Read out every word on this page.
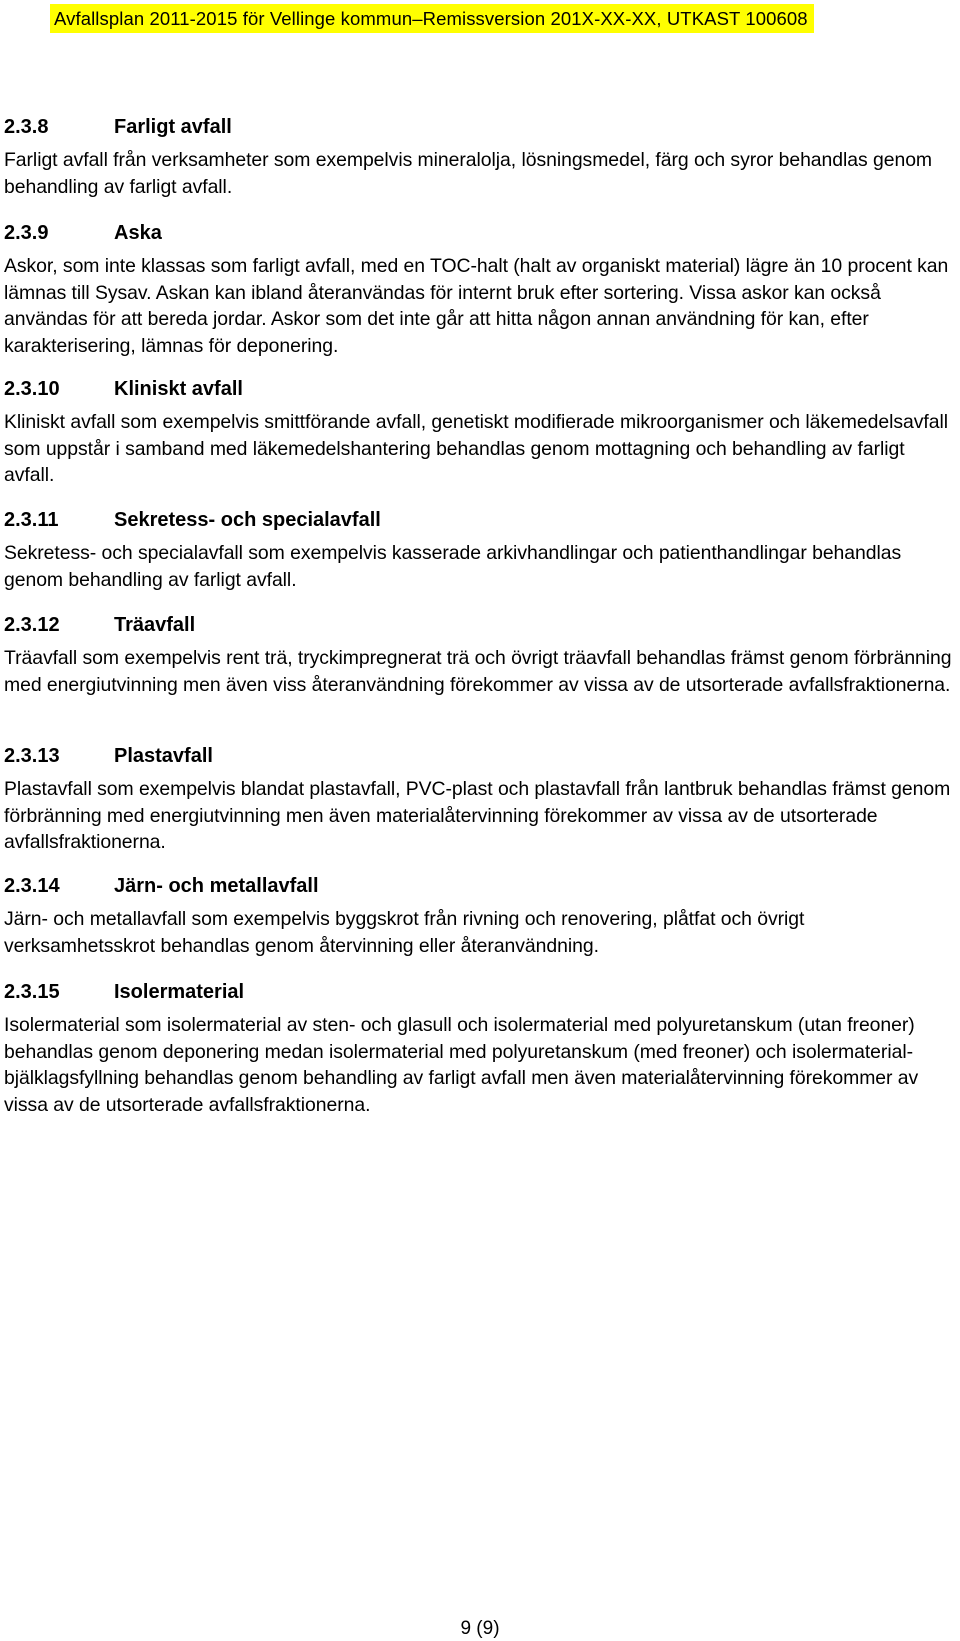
Avfallsplan 2011-2015 för Vellinge kommun – Remissversion 201X-XX-XX, UTKAST 100608
2.3.8	Farligt avfall
Farligt avfall från verksamheter som exempelvis mineralolja, lösningsmedel, färg och syror behandlas genom behandling av farligt avfall.
2.3.9	Aska
Askor, som inte klassas som farligt avfall, med en TOC-halt (halt av organiskt material) lägre än 10 procent kan lämnas till Sysav. Askan kan ibland återanvändas för internt bruk efter sortering. Vissa askor kan också användas för att bereda jordar. Askor som det inte går att hitta någon annan användning för kan, efter karakterisering, lämnas för deponering.
2.3.10	Kliniskt avfall
Kliniskt avfall som exempelvis smittförande avfall, genetiskt modifierade mikroorganismer och läkemedelsavfall som uppstår i samband med läkemedelshantering behandlas genom mottagning och behandling av farligt avfall.
2.3.11	Sekretess- och specialavfall
Sekretess- och specialavfall som exempelvis kasserade arkivhandlingar och patienthandlingar behandlas genom behandling av farligt avfall.
2.3.12	Träavfall
Träavfall som exempelvis rent trä, tryckimpregnerat trä och övrigt träavfall behandlas främst genom förbränning med energiutvinning men även viss återanvändning förekommer av vissa av de utsorterade avfallsfraktionerna.
2.3.13	Plastavfall
Plastavfall som exempelvis blandat plastavfall, PVC-plast och plastavfall från lantbruk behandlas främst genom förbränning med energiutvinning men även materialåtervinning förekommer av vissa av de utsorterade avfallsfraktionerna.
2.3.14	Järn- och metallavfall
Järn- och metallavfall som exempelvis byggskrot från rivning och renovering, plåtfat och övrigt verksamhetsskrot behandlas genom återvinning eller återanvändning.
2.3.15	Isolermaterial
Isolermaterial som isolermaterial av sten- och glasull och isolermaterial med polyuretanskum (utan freoner) behandlas genom deponering medan isolermaterial med polyuretanskum (med freoner) och isolermaterial-bjälklagsfyllning behandlas genom behandling av farligt avfall men även materialåtervinning förekommer av vissa av de utsorterade avfallsfraktionerna.
9 (9)
